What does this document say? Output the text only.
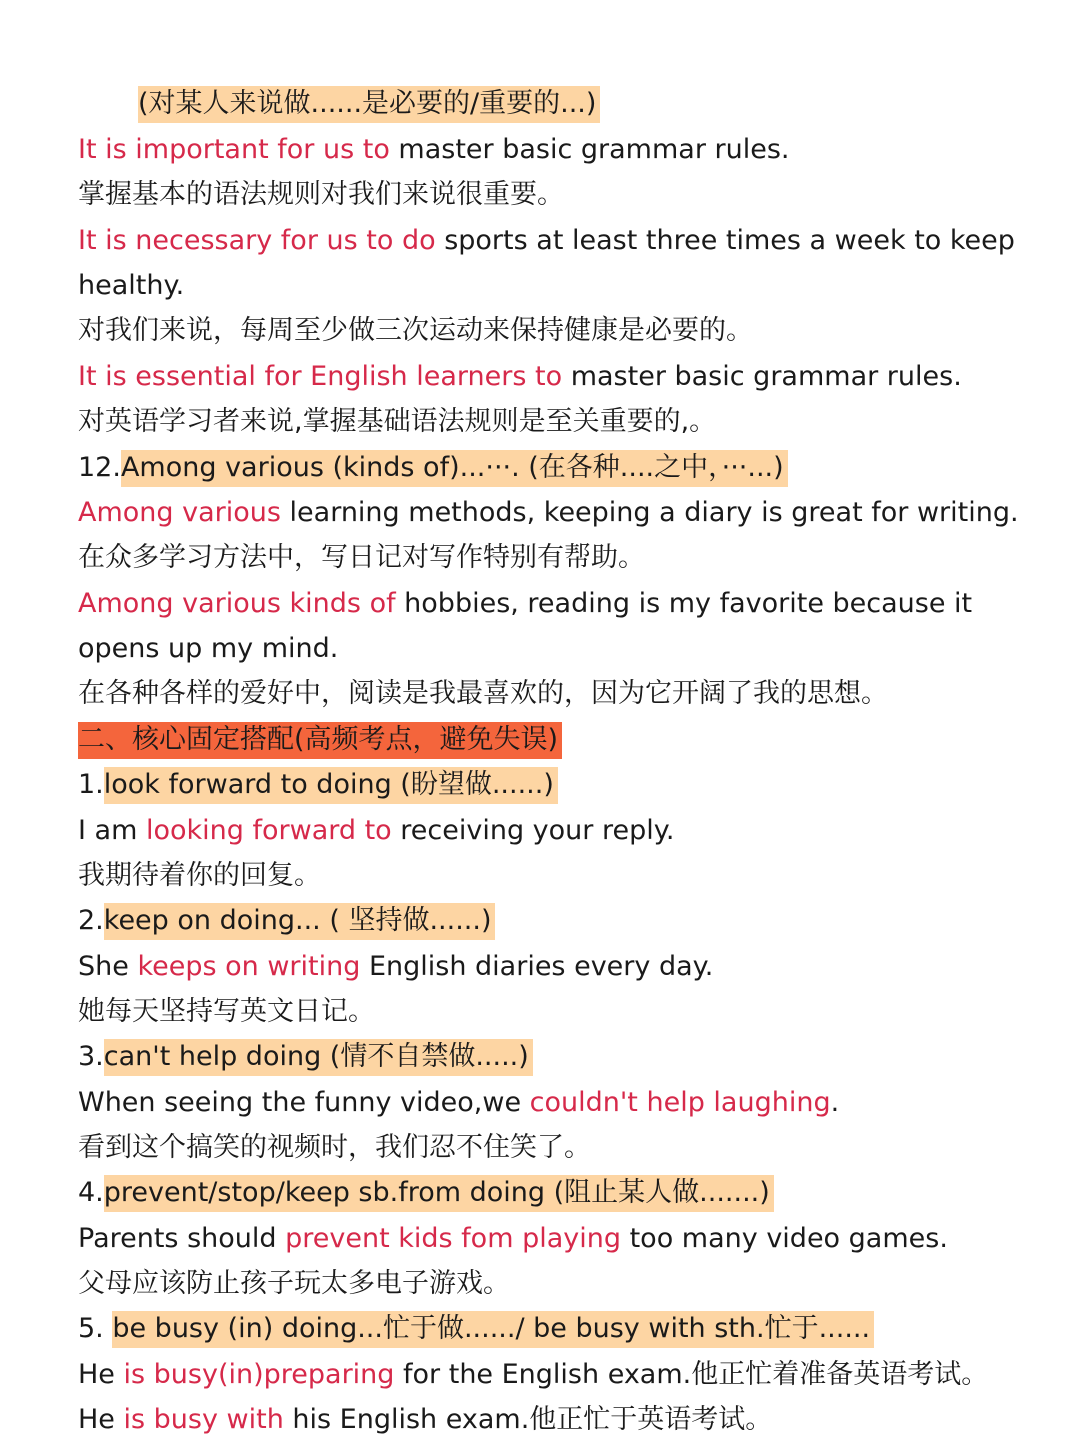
(对某人来说做......是必要的/重要的...)
It is important for us to master basic grammar rules.
掌握基本的语法规则对我们来说很重要。
It is necessary for us to do sports at least three times a week to keep
healthy.
对我们来说，每周至少做三次运动来保持健康是必要的。
It is essential for English learners to master basic grammar rules.
对英语学习者来说,掌握基础语法规则是至关重要的,。
12.Among various (kinds of)...···. (在各种....之中，···...)
Among various learning methods, keeping a diary is great for writing.
在众多学习方法中，写日记对写作特别有帮助。
Among various kinds of hobbies, reading is my favorite because it
opens up my mind.
在各种各样的爱好中，阅读是我最喜欢的，因为它开阔了我的思想。
二、核心固定搭配(高频考点，避免失误)
1.look forward to doing (盼望做......)
I am looking forward to receiving your reply.
我期待着你的回复。
2.keep on doing... ( 坚持做......)
She keeps on writing English diaries every day.
她每天坚持写英文日记。
3.can't help doing (情不自禁做.....)
When seeing the funny video,we couldn't help laughing.
看到这个搞笑的视频时，我们忍不住笑了。
4.prevent/stop/keep sb.from doing (阻止某人做.......)
Parents should prevent kids fom playing too many video games.
父母应该防止孩子玩太多电子游戏。
5. be busy (in) doing...忙于做....../ be busy with sth.忙于......
He is busy(in)preparing for the English exam.他正忙着准备英语考试。
He is busy with his English exam.他正忙于英语考试。
